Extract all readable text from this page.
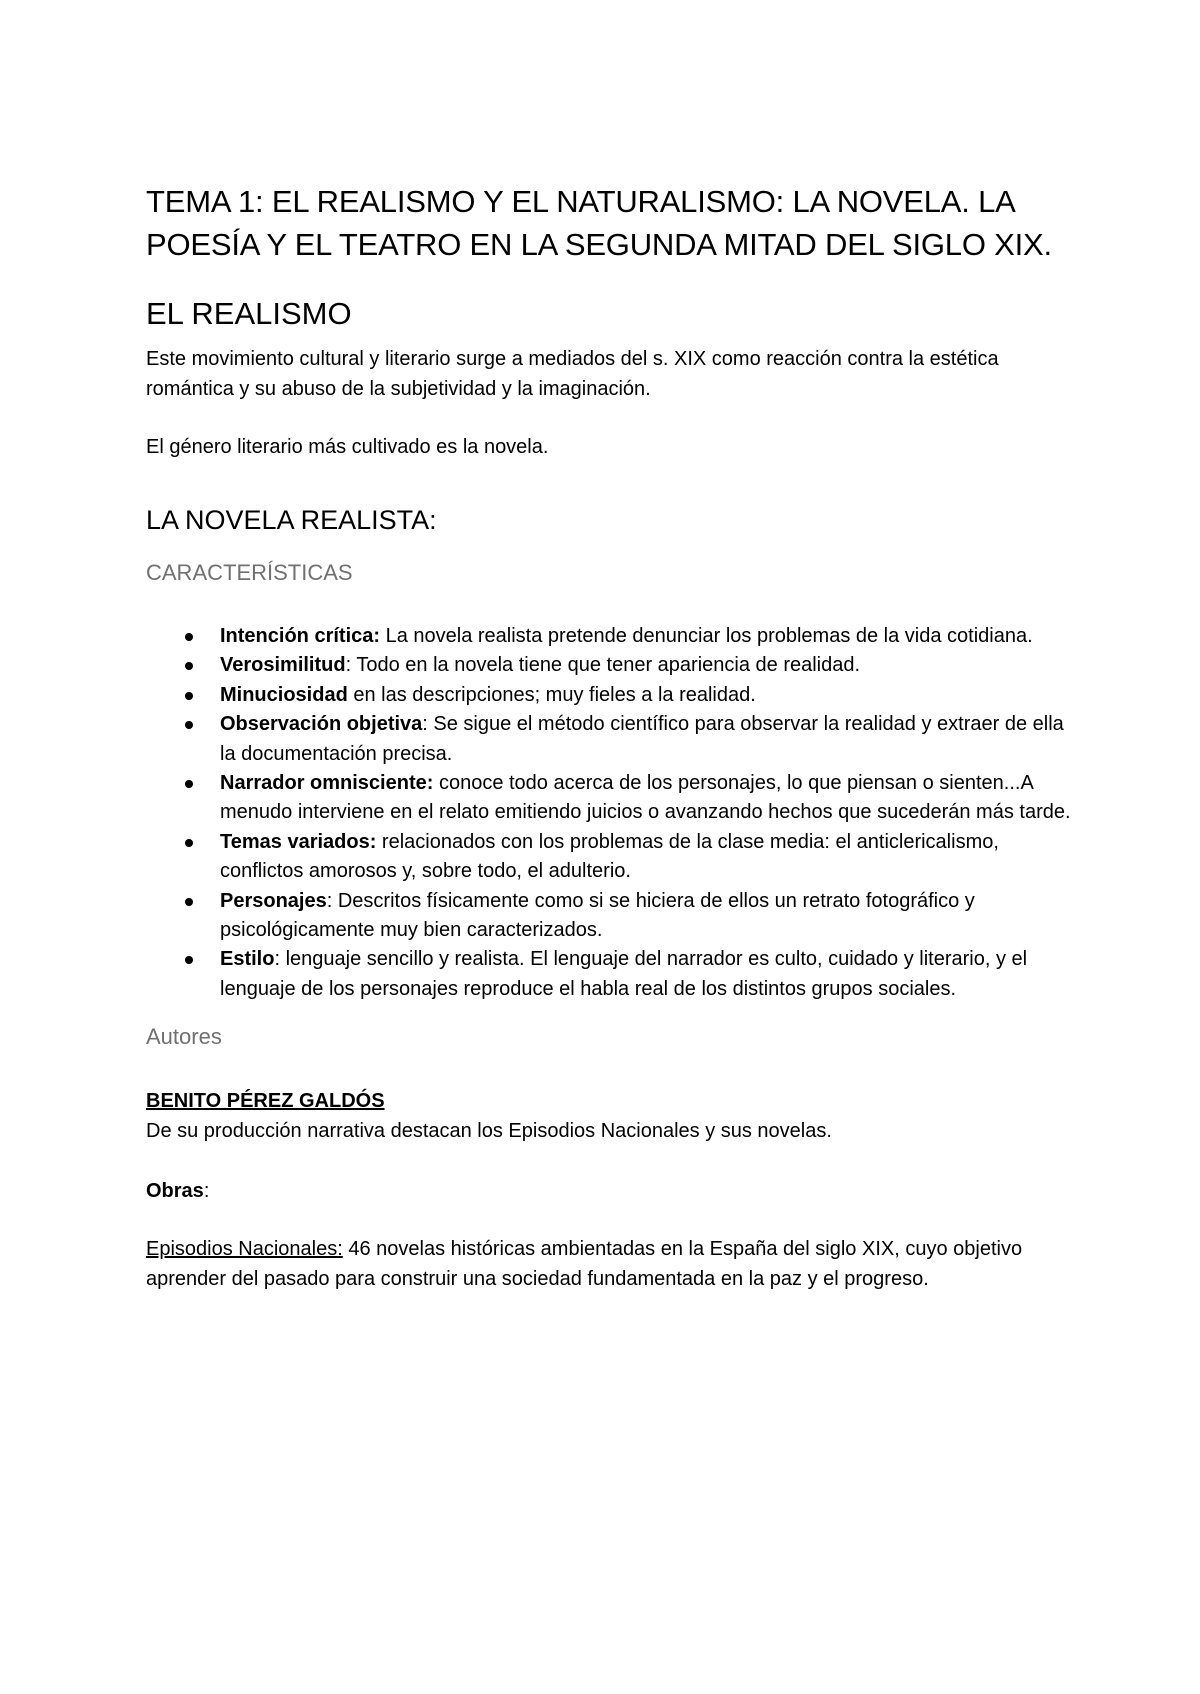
TEMA 1: EL REALISMO Y EL NATURALISMO: LA NOVELA. LA POESÍA Y EL TEATRO EN LA SEGUNDA MITAD DEL SIGLO XIX.
EL REALISMO

Este movimiento cultural y literario surge a mediados del s. XIX como reacción contra la estética romántica y su abuso de la subjetividad y la imaginación.

El género literario más cultivado es la novela.

LA NOVELA REALISTA:
CARACTERÍSTICAS
Intención crítica: La novela realista pretende denunciar los problemas de la vida cotidiana.
Verosimilitud: Todo en la novela tiene que tener apariencia de realidad.
Minuciosidad en las descripciones; muy fieles a la realidad.
Observación objetiva: Se sigue el método científico para observar la realidad y extraer de ella la documentación precisa.
Narrador omnisciente: conoce todo acerca de los personajes, lo que piensan o sienten...A menudo interviene en el relato emitiendo juicios o avanzando hechos que sucederán más tarde.
Temas variados: relacionados con los problemas de la clase media: el anticlericalismo, conflictos amorosos y, sobre todo, el adulterio.
Personajes: Descritos físicamente como si se hiciera de ellos un retrato fotográfico y psicológicamente muy bien caracterizados.
Estilo: lenguaje sencillo y realista. El lenguaje del narrador es culto, cuidado y literario, y el lenguaje de los personajes reproduce el habla real de los distintos grupos sociales.
Autores

BENITO PÉREZ GALDÓS

De su producción narrativa destacan los Episodios Nacionales y sus novelas.

Obras:

Episodios Nacionales: 46 novelas históricas ambientadas en la España del siglo XIX, cuyo objetivo aprender del pasado para construir una sociedad fundamentada en la paz y el progreso.
